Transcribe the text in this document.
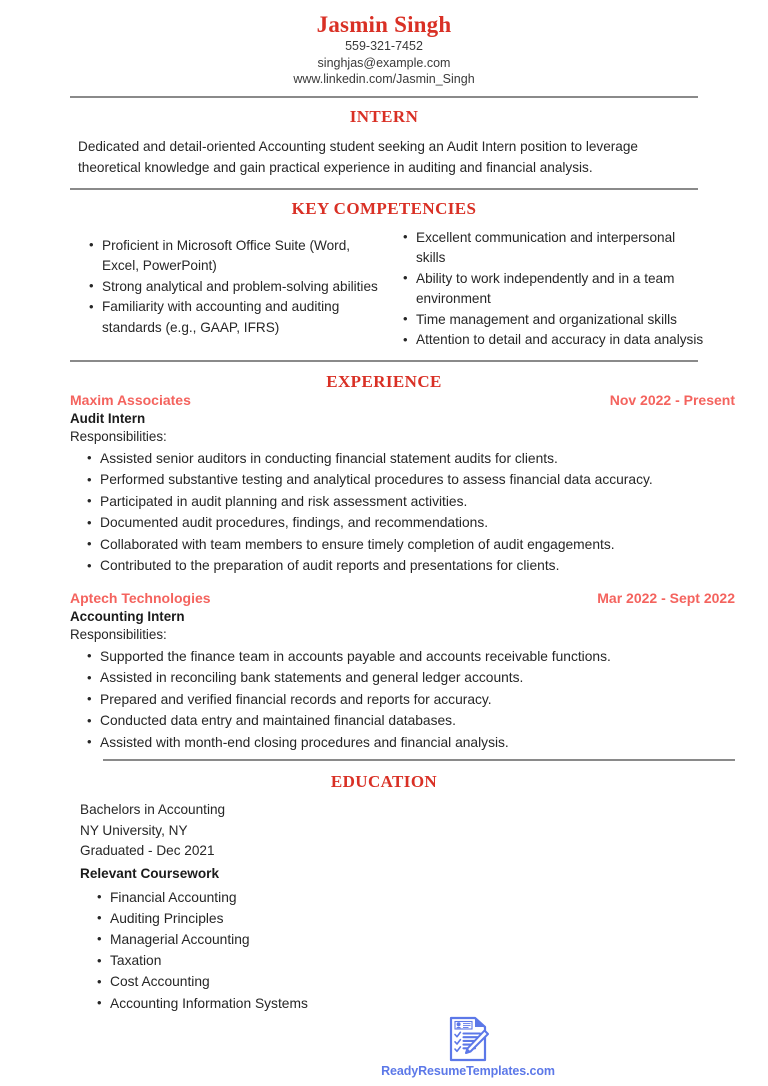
Jasmin Singh
559-321-7452
singhjas@example.com
www.linkedin.com/Jasmin_Singh
INTERN
Dedicated and detail-oriented Accounting student seeking an Audit Intern position to leverage theoretical knowledge and gain practical experience in auditing and financial analysis.
KEY COMPETENCIES
• Proficient in Microsoft Office Suite (Word, Excel, PowerPoint)
• Strong analytical and problem-solving abilities
• Familiarity with accounting and auditing standards (e.g., GAAP, IFRS)
• Excellent communication and interpersonal skills
• Ability to work independently and in a team environment
• Time management and organizational skills
• Attention to detail and accuracy in data analysis
EXPERIENCE
Maxim Associates	Nov 2022 - Present
Audit Intern
Responsibilities:
• Assisted senior auditors in conducting financial statement audits for clients.
• Performed substantive testing and analytical procedures to assess financial data accuracy.
• Participated in audit planning and risk assessment activities.
• Documented audit procedures, findings, and recommendations.
• Collaborated with team members to ensure timely completion of audit engagements.
• Contributed to the preparation of audit reports and presentations for clients.
Aptech Technologies	Mar 2022 - Sept 2022
Accounting Intern
Responsibilities:
• Supported the finance team in accounts payable and accounts receivable functions.
• Assisted in reconciling bank statements and general ledger accounts.
• Prepared and verified financial records and reports for accuracy.
• Conducted data entry and maintained financial databases.
• Assisted with month-end closing procedures and financial analysis.
EDUCATION
Bachelors in Accounting
NY University, NY
Graduated - Dec 2021
Relevant Coursework
• Financial Accounting
• Auditing Principles
• Managerial Accounting
• Taxation
• Cost Accounting
• Accounting Information Systems
ReadyResumeTemplates.com
